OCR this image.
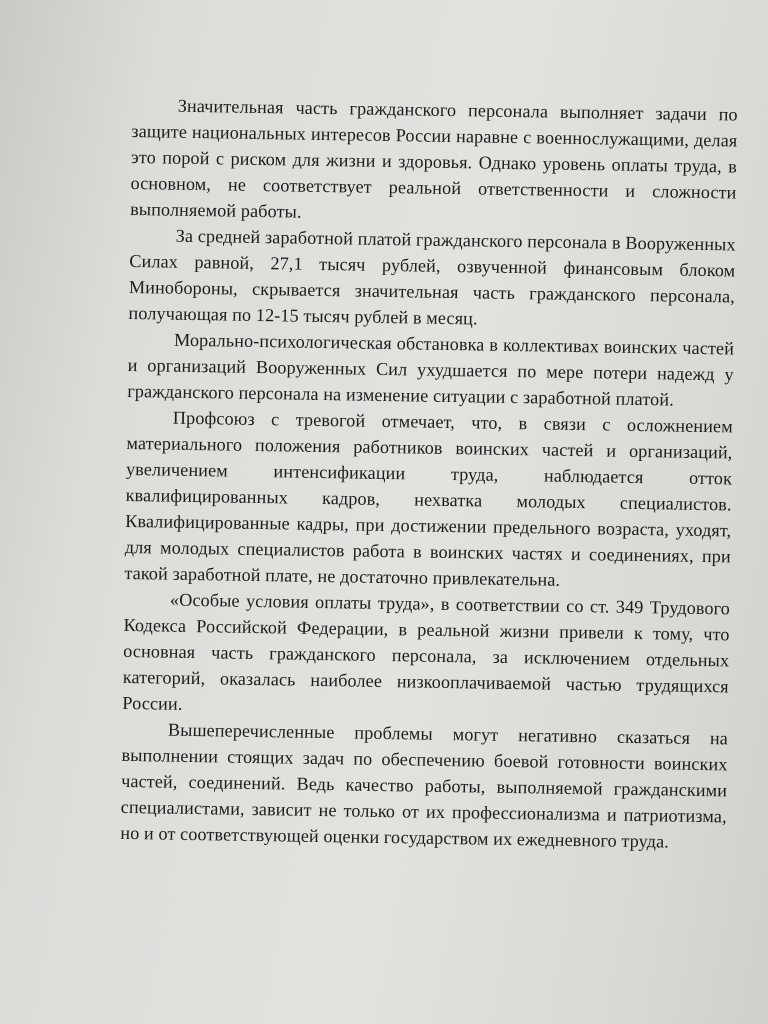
Значительная часть гражданского персонала выполняет задачи по защите национальных интересов России наравне с военнослужащими, делая это порой с риском для жизни и здоровья. Однако уровень оплаты труда, в основном, не соответствует реальной ответственности и сложности выполняемой работы.

За средней заработной платой гражданского персонала в Вооруженных Силах равной, 27,1 тысяч рублей, озвученной финансовым блоком Минобороны, скрывается значительная часть гражданского персонала, получающая по 12-15 тысяч рублей в месяц.

Морально-психологическая обстановка в коллективах воинских частей и организаций Вооруженных Сил ухудшается по мере потери надежд у гражданского персонала на изменение ситуации с заработной платой.

Профсоюз с тревогой отмечает, что, в связи с осложнением материального положения работников воинских частей и организаций, увеличением интенсификации труда, наблюдается отток квалифицированных кадров, нехватка молодых специалистов. Квалифицированные кадры, при достижении предельного возраста, уходят, для молодых специалистов работа в воинских частях и соединениях, при такой заработной плате, не достаточно привлекательна.

«Особые условия оплаты труда», в соответствии со ст. 349 Трудового Кодекса Российской Федерации, в реальной жизни привели к тому, что основная часть гражданского персонала, за исключением отдельных категорий, оказалась наиболее низкооплачиваемой частью трудящихся России.

Вышеперечисленные проблемы могут негативно сказаться на выполнении стоящих задач по обеспечению боевой готовности воинских частей, соединений. Ведь качество работы, выполняемой гражданскими специалистами, зависит не только от их профессионализма и патриотизма, но и от соответствующей оценки государством их ежедневного труда.
